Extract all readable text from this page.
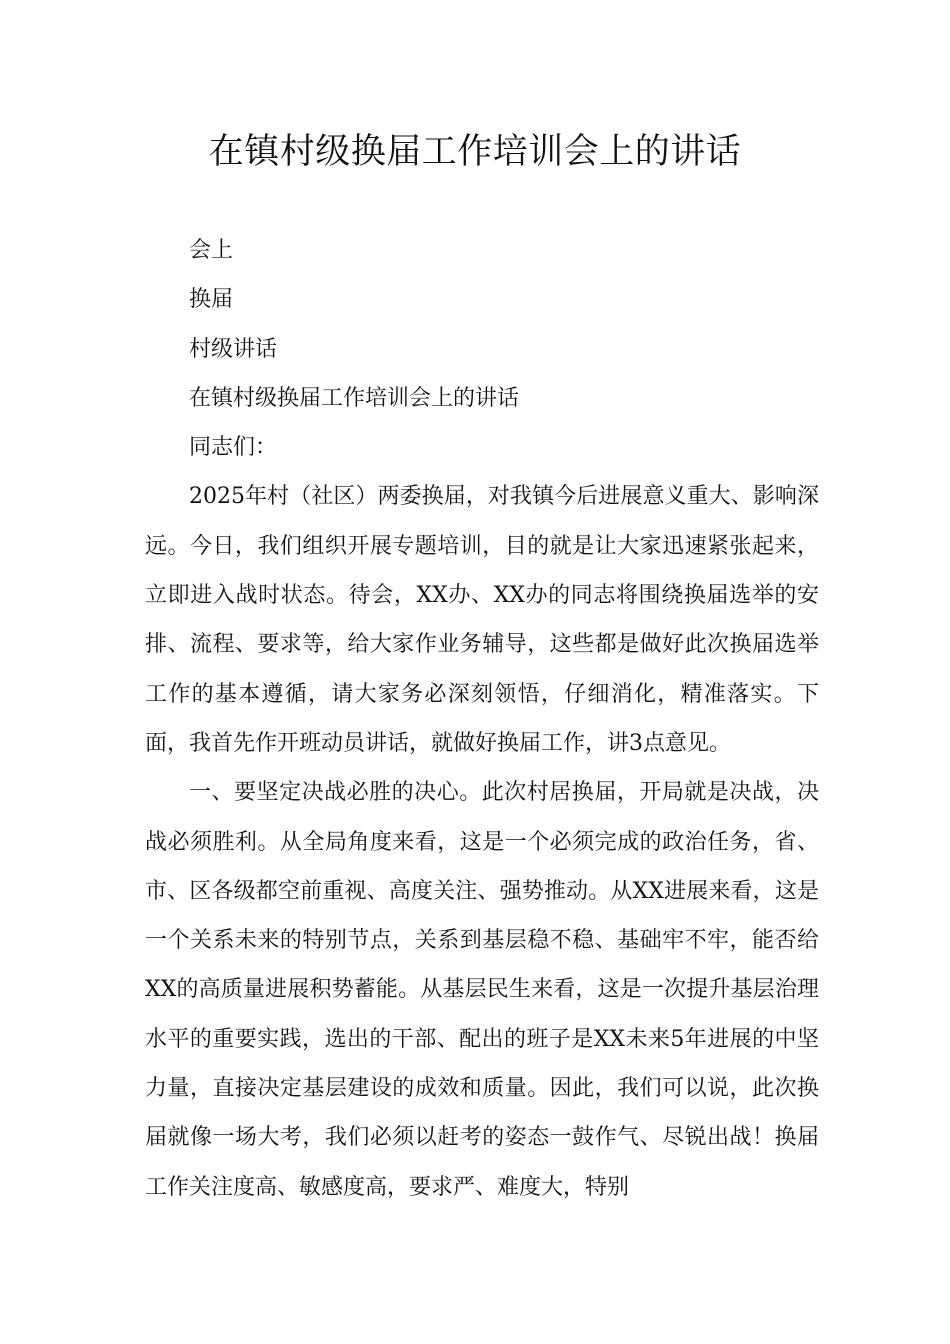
在镇村级换届工作培训会上的讲话

会上

换届

村级讲话

在镇村级换届工作培训会上的讲话

同志们：

2025年村（社区）两委换届，对我镇今后进展意义重大、影响深远。今日，我们组织开展专题培训，目的就是让大家迅速紧张起来，立即进入战时状态。待会，XX办、XX办的同志将围绕换届选举的安排、流程、要求等，给大家作业务辅导，这些都是做好此次换届选举工作的基本遵循，请大家务必深刻领悟，仔细消化，精准落实。下面，我首先作开班动员讲话，就做好换届工作，讲3点意见。

一、要坚定决战必胜的决心。此次村居换届，开局就是决战，决战必须胜利。从全局角度来看，这是一个必须完成的政治任务，省、市、区各级都空前重视、高度关注、强势推动。从XX进展来看，这是一个关系未来的特别节点，关系到基层稳不稳、基础牢不牢，能否给XX的高质量进展积势蓄能。从基层民生来看，这是一次提升基层治理水平的重要实践，选出的干部、配出的班子是XX未来5年进展的中坚力量，直接决定基层建设的成效和质量。因此，我们可以说，此次换届就像一场大考，我们必须以赶考的姿态一鼓作气、尽锐出战！换届工作关注度高、敏感度高，要求严、难度大，特别
